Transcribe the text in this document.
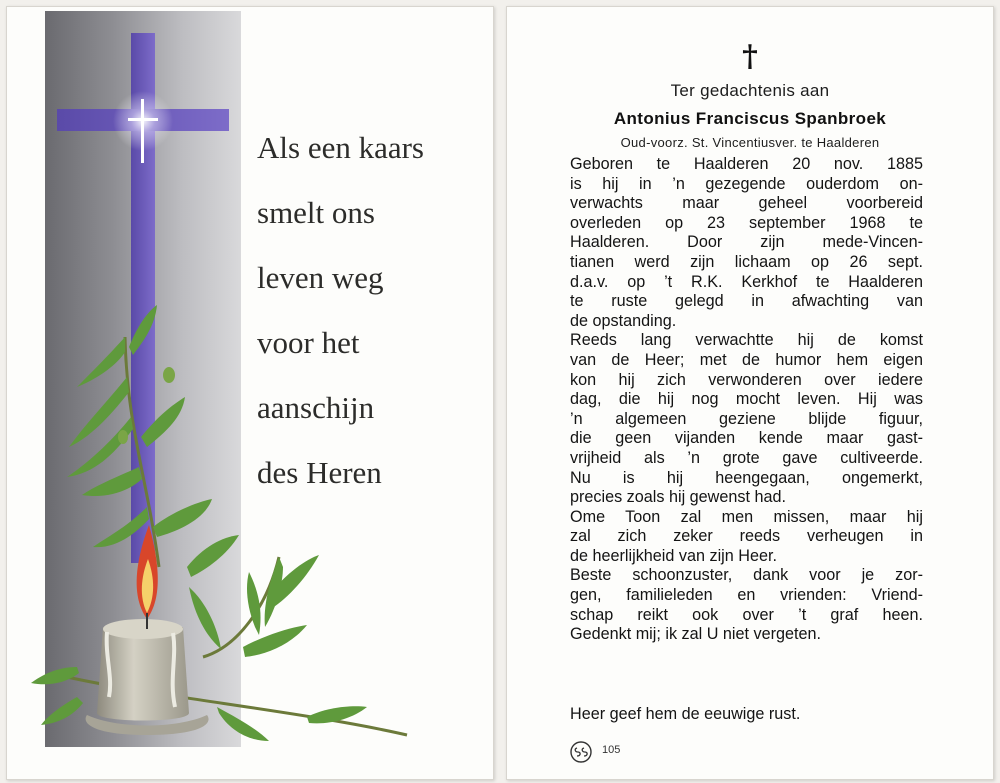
Als een kaars
smelt ons
leven weg
voor het
aanschijn
des Heren
†
Ter gedachtenis aan
Antonius Franciscus Spanbroek
Oud-voorz. St. Vincentiusver. te Haalderen
Geboren te Haalderen 20 nov. 1885
is hij in ’n gezegende ouderdom on-
verwachts maar geheel voorbereid
overleden op 23 september 1968 te
Haalderen. Door zijn mede-Vincen-
tianen werd zijn lichaam op 26 sept.
d.a.v. op ’t R.K. Kerkhof te Haalderen
te ruste gelegd in afwachting van
de opstanding.
Reeds lang verwachtte hij de komst
van de Heer; met de humor hem eigen
kon hij zich verwonderen over iedere
dag, die hij nog mocht leven. Hij was
’n algemeen geziene blijde figuur,
die geen vijanden kende maar gast-
vrijheid als ’n grote gave cultiveerde.
Nu is hij heengegaan, ongemerkt,
precies zoals hij gewenst had.
Ome Toon zal men missen, maar hij
zal zich zeker reeds verheugen in
de heerlijkheid van zijn Heer.
Beste schoonzuster, dank voor je zor-
gen, familieleden en vrienden: Vriend-
schap reikt ook over ’t graf heen.
Gedenkt mij; ik zal U niet vergeten.
Heer geef hem de eeuwige rust.
105
